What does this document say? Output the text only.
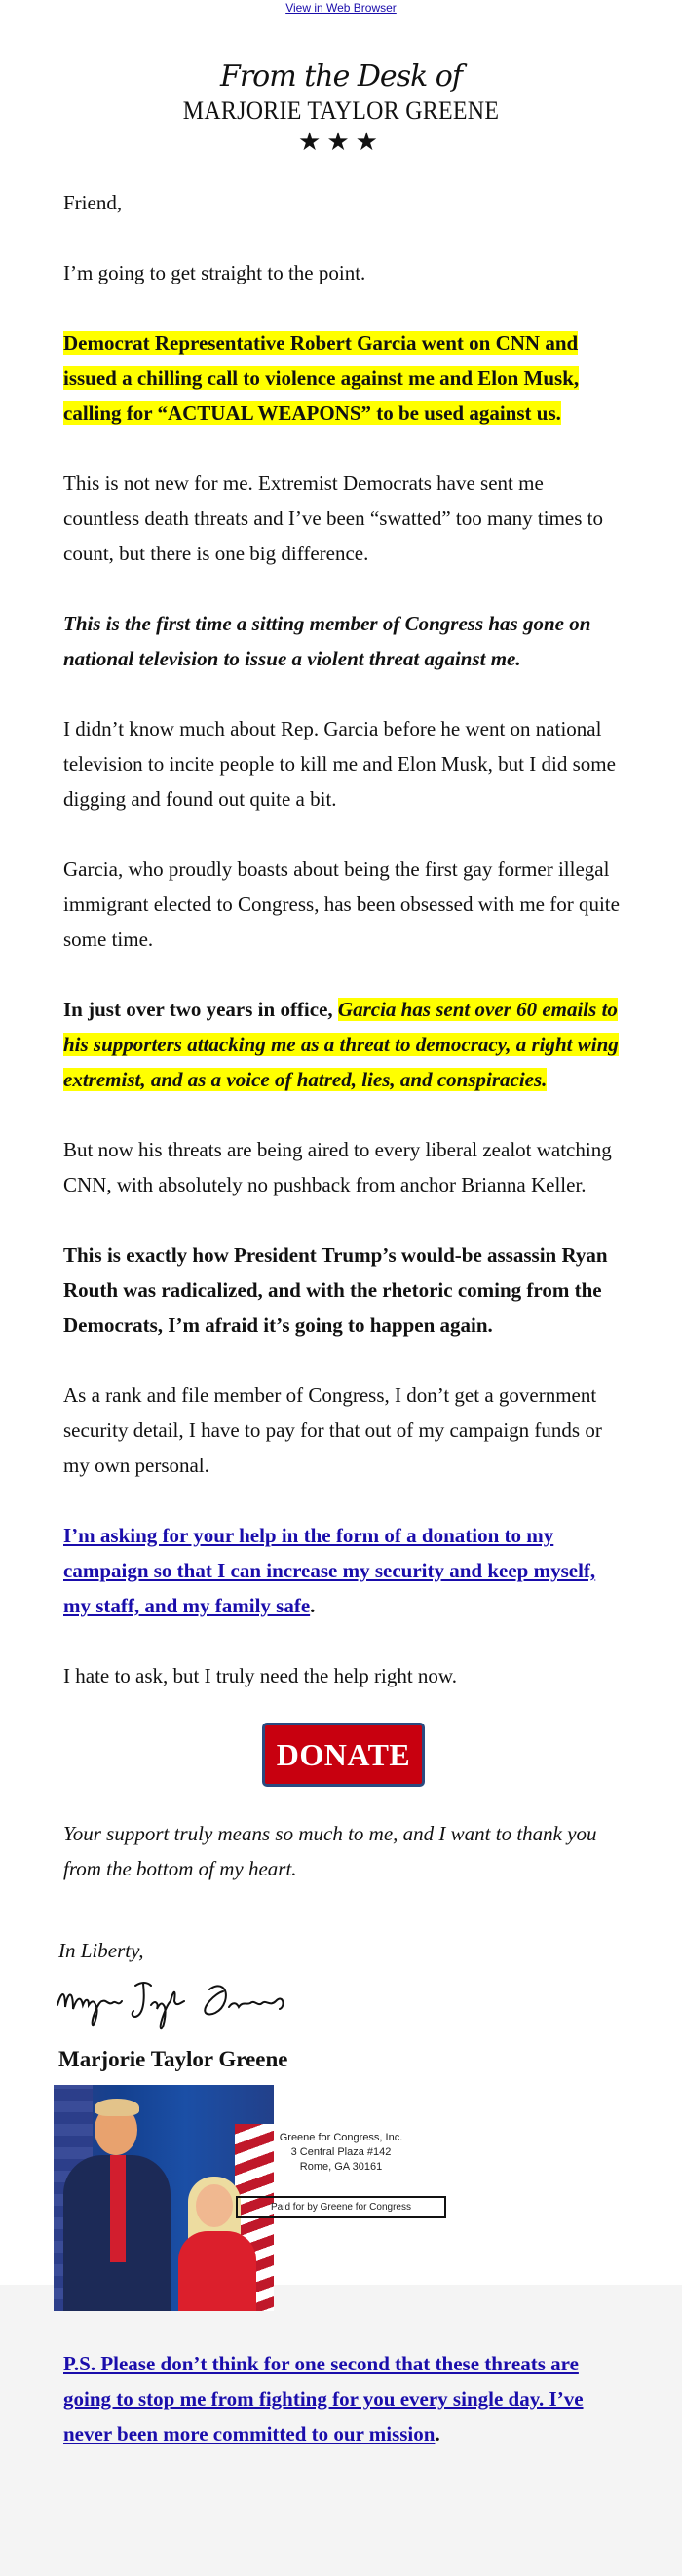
View in Web Browser
From the Desk of
MARJORIE TAYLOR GREENE
★★★

Friend,

I’m going to get straight to the point.

Democrat Representative Robert Garcia went on CNN and issued a chilling call to violence against me and Elon Musk, calling for “ACTUAL WEAPONS” to be used against us.

This is not new for me. Extremist Democrats have sent me countless death threats and I’ve been “swatted” too many times to count, but there is one big difference.

This is the first time a sitting member of Congress has gone on national television to issue a violent threat against me.

I didn’t know much about Rep. Garcia before he went on national television to incite people to kill me and Elon Musk, but I did some digging and found out quite a bit.

Garcia, who proudly boasts about being the first gay former illegal immigrant elected to Congress, has been obsessed with me for quite some time.

In just over two years in office, Garcia has sent over 60 emails to his supporters attacking me as a threat to democracy, a right wing extremist, and as a voice of hatred, lies, and conspiracies.

But now his threats are being aired to every liberal zealot watching CNN, with absolutely no pushback from anchor Brianna Keller.

This is exactly how President Trump’s would-be assassin Ryan Routh was radicalized, and with the rhetoric coming from the Democrats, I’m afraid it’s going to happen again.

As a rank and file member of Congress, I don’t get a government security detail, I have to pay for that out of my campaign funds or my own personal.

I’m asking for your help in the form of a donation to my campaign so that I can increase my security and keep myself, my staff, and my family safe.

I hate to ask, but I truly need the help right now.

DONATE

Your support truly means so much to me, and I want to thank you from the bottom of my heart.

In Liberty,

Marjorie Taylor Greene

P.S. Please don’t think for one second that these threats are going to stop me from fighting for you every single day. I’ve never been more committed to our mission.

Greene for Congress, Inc.
3 Central Plaza #142
Rome, GA 30161
Paid for by Greene for Congress
